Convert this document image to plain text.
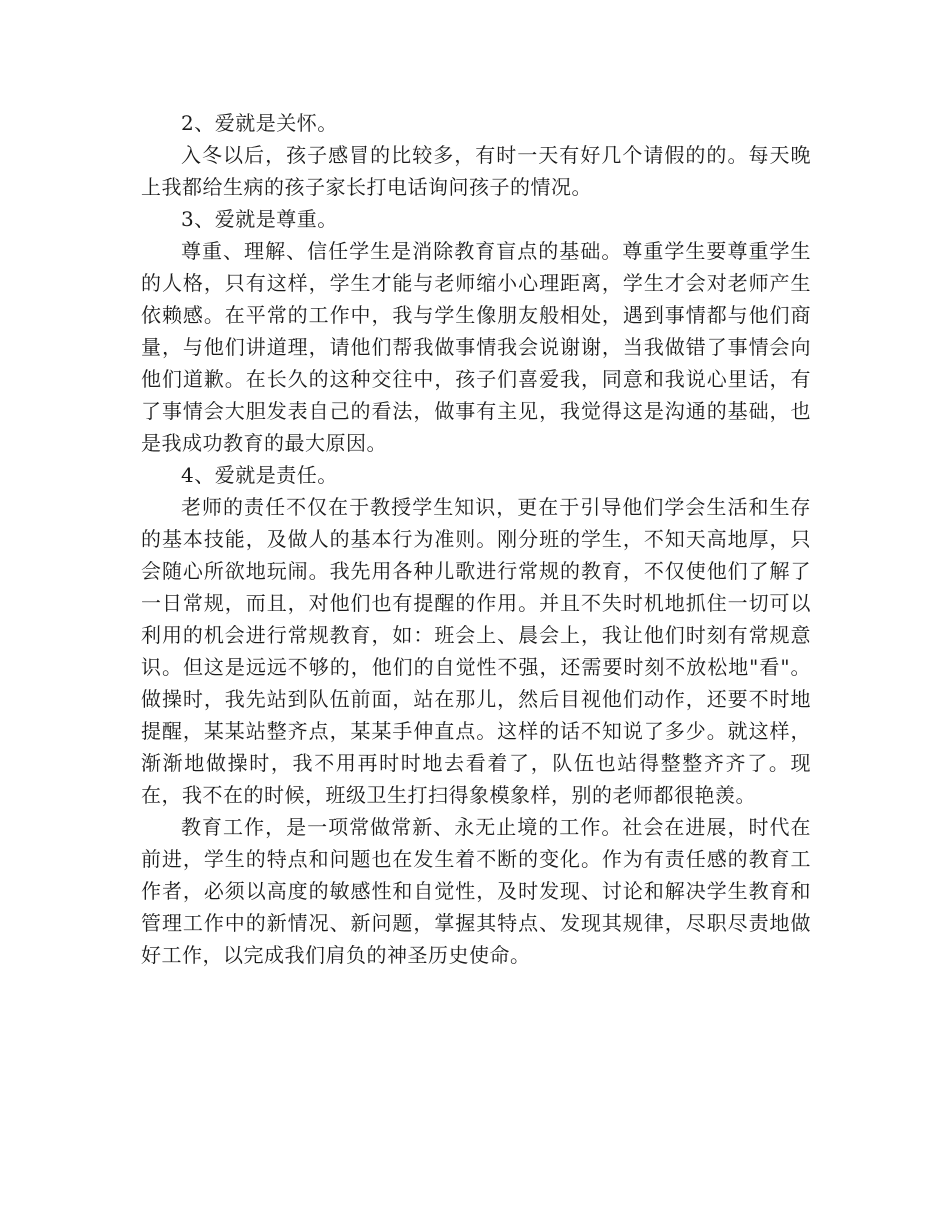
2、爱就是关怀。

入冬以后，孩子感冒的比较多，有时一天有好几个请假的的。每天晚上我都给生病的孩子家长打电话询问孩子的情况。

3、爱就是尊重。

尊重、理解、信任学生是消除教育盲点的基础。尊重学生要尊重学生的人格，只有这样，学生才能与老师缩小心理距离，学生才会对老师产生依赖感。在平常的工作中，我与学生像朋友般相处，遇到事情都与他们商量，与他们讲道理，请他们帮我做事情我会说谢谢，当我做错了事情会向他们道歉。在长久的这种交往中，孩子们喜爱我，同意和我说心里话，有了事情会大胆发表自己的看法，做事有主见，我觉得这是沟通的基础，也是我成功教育的最大原因。

4、爱就是责任。

老师的责任不仅在于教授学生知识，更在于引导他们学会生活和生存的基本技能，及做人的基本行为准则。刚分班的学生，不知天高地厚，只会随心所欲地玩闹。我先用各种儿歌进行常规的教育，不仅使他们了解了一日常规，而且，对他们也有提醒的作用。并且不失时机地抓住一切可以利用的机会进行常规教育，如：班会上、晨会上，我让他们时刻有常规意识。但这是远远不够的，他们的自觉性不强，还需要时刻不放松地"看"。做操时，我先站到队伍前面，站在那儿，然后目视他们动作，还要不时地提醒，某某站整齐点，某某手伸直点。这样的话不知说了多少。就这样，渐渐地做操时，我不用再时时地去看着了，队伍也站得整整齐齐了。现在，我不在的时候，班级卫生打扫得象模象样，别的老师都很艳羡。

教育工作，是一项常做常新、永无止境的工作。社会在进展，时代在前进，学生的特点和问题也在发生着不断的变化。作为有责任感的教育工作者，必须以高度的敏感性和自觉性，及时发现、讨论和解决学生教育和管理工作中的新情况、新问题，掌握其特点、发现其规律，尽职尽责地做好工作，以完成我们肩负的神圣历史使命。
